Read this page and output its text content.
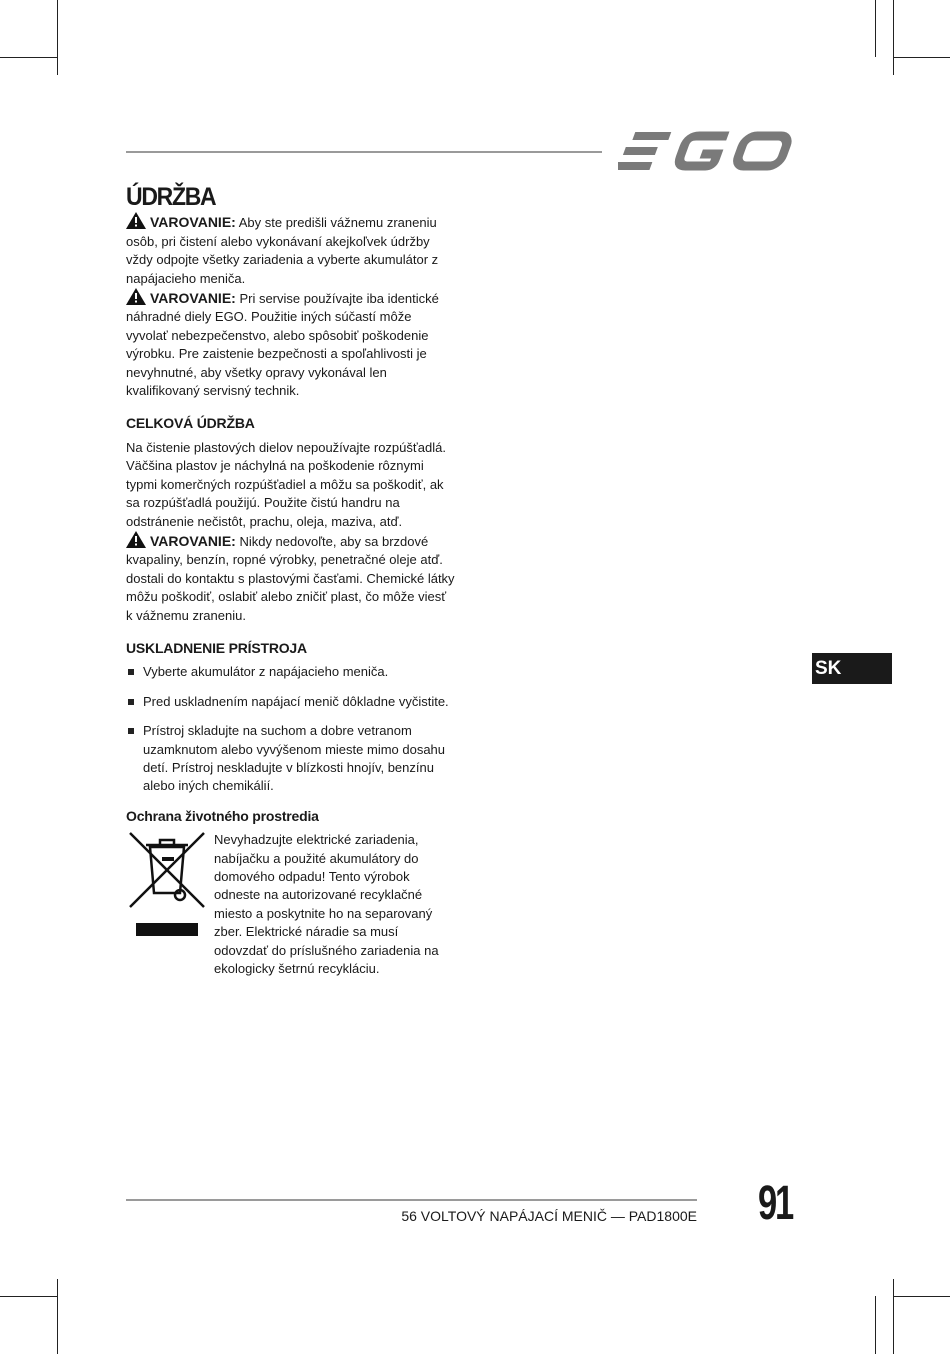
ÚDRŽBA

VAROVANIE: Aby ste predišli vážnemu zraneniu osôb, pri čistení alebo vykonávaní akejkoľvek údržby vždy odpojte všetky zariadenia a vyberte akumulátor z napájacieho meniča.

VAROVANIE: Pri servise používajte iba identické náhradné diely EGO. Použitie iných súčastí môže vyvolať nebezpečenstvo, alebo spôsobiť poškodenie výrobku. Pre zaistenie bezpečnosti a spoľahlivosti je nevyhnutné, aby všetky opravy vykonával len kvalifikovaný servisný technik.

CELKOVÁ ÚDRŽBA

Na čistenie plastových dielov nepoužívajte rozpúšťadlá. Väčšina plastov je náchylná na poškodenie rôznymi typmi komerčných rozpúšťadiel a môžu sa poškodiť, ak sa rozpúšťadlá použijú. Použite čistú handru na odstránenie nečistôt, prachu, oleja, maziva, atď.

VAROVANIE: Nikdy nedovoľte, aby sa brzdové kvapaliny, benzín, ropné výrobky, penetračné oleje atď. dostali do kontaktu s plastovými časťami. Chemické látky môžu poškodiť, oslabiť alebo zničiť plast, čo môže viesť k vážnemu zraneniu.

USKLADNENIE PRÍSTROJA
Vyberte akumulátor z napájacieho meniča.
Pred uskladnením napájací menič dôkladne vyčistite.
Prístroj skladujte na suchom a dobre vetranom uzamknutom alebo vyvýšenom mieste mimo dosahu detí. Prístroj neskladujte v blízkosti hnojív, benzínu alebo iných chemikálií.
Ochrana životného prostredia

Nevyhadzujte elektrické zariadenia, nabíjačku a použité akumulátory do domového odpadu! Tento výrobok odneste na autorizované recyklačné miesto a poskytnite ho na separovaný zber. Elektrické náradie sa musí odovzdať do príslušného zariadenia na ekologicky šetrnú recykláciu.

SK
56 VOLTOVÝ NAPÁJACÍ MENIČ — PAD1800E 91
